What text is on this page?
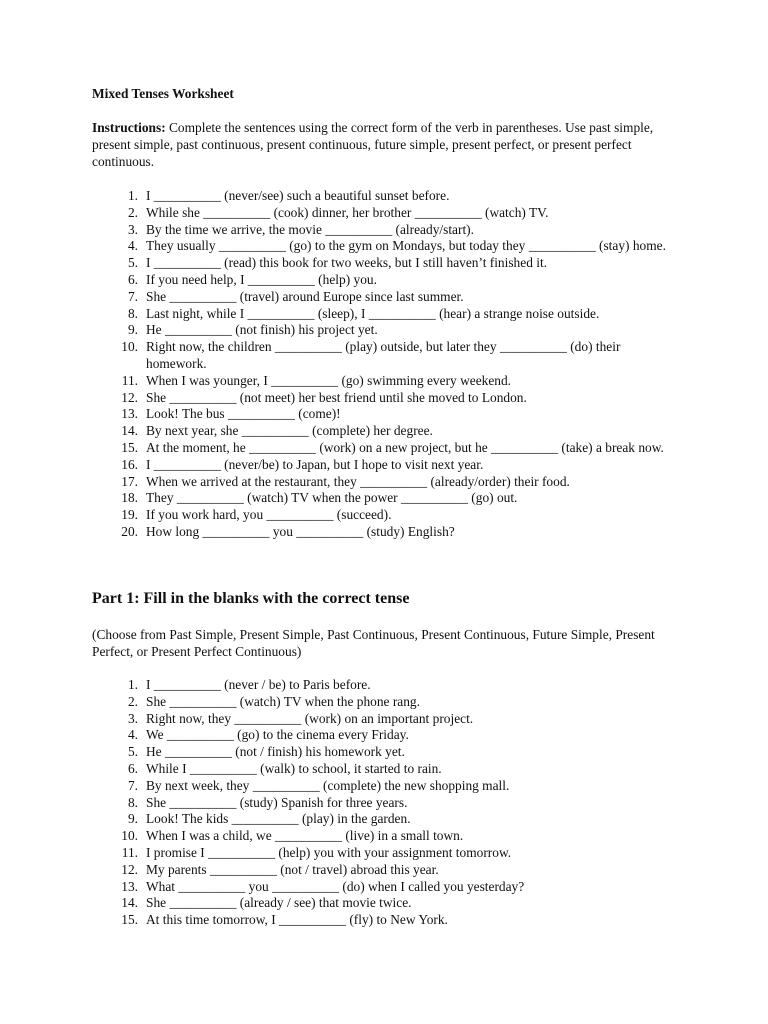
Mixed Tenses Worksheet
Instructions: Complete the sentences using the correct form of the verb in parentheses. Use past simple, present simple, past continuous, present continuous, future simple, present perfect, or present perfect continuous.
1. I __________ (never/see) such a beautiful sunset before.
2. While she __________ (cook) dinner, her brother __________ (watch) TV.
3. By the time we arrive, the movie __________ (already/start).
4. They usually __________ (go) to the gym on Mondays, but today they __________ (stay) home.
5. I __________ (read) this book for two weeks, but I still haven’t finished it.
6. If you need help, I __________ (help) you.
7. She __________ (travel) around Europe since last summer.
8. Last night, while I __________ (sleep), I __________ (hear) a strange noise outside.
9. He __________ (not finish) his project yet.
10. Right now, the children __________ (play) outside, but later they __________ (do) their homework.
11. When I was younger, I __________ (go) swimming every weekend.
12. She __________ (not meet) her best friend until she moved to London.
13. Look! The bus __________ (come)!
14. By next year, she __________ (complete) her degree.
15. At the moment, he __________ (work) on a new project, but he __________ (take) a break now.
16. I __________ (never/be) to Japan, but I hope to visit next year.
17. When we arrived at the restaurant, they __________ (already/order) their food.
18. They __________ (watch) TV when the power __________ (go) out.
19. If you work hard, you __________ (succeed).
20. How long __________ you __________ (study) English?
Part 1: Fill in the blanks with the correct tense
(Choose from Past Simple, Present Simple, Past Continuous, Present Continuous, Future Simple, Present Perfect, or Present Perfect Continuous)
1. I __________ (never / be) to Paris before.
2. She __________ (watch) TV when the phone rang.
3. Right now, they __________ (work) on an important project.
4. We __________ (go) to the cinema every Friday.
5. He __________ (not / finish) his homework yet.
6. While I __________ (walk) to school, it started to rain.
7. By next week, they __________ (complete) the new shopping mall.
8. She __________ (study) Spanish for three years.
9. Look! The kids __________ (play) in the garden.
10. When I was a child, we __________ (live) in a small town.
11. I promise I __________ (help) you with your assignment tomorrow.
12. My parents __________ (not / travel) abroad this year.
13. What __________ you __________ (do) when I called you yesterday?
14. She __________ (already / see) that movie twice.
15. At this time tomorrow, I __________ (fly) to New York.
